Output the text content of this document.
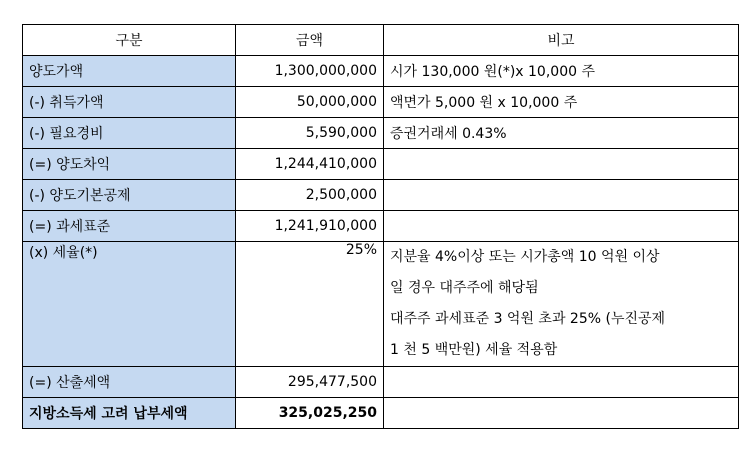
구분	금액	비고
양도가액	1,300,000,000	시가 130,000 원(*)x 10,000 주
(-) 취득가액	50,000,000	액면가 5,000 원 x 10,000 주
(-) 필요경비	5,590,000	증권거래세 0.43%
(=) 양도차익	1,244,410,000	
(-) 양도기본공제	2,500,000	
(=) 과세표준	1,241,910,000	
(x) 세율(*)	25%	지분율 4%이상 또는 시가총액 10 억원 이상
일 경우 대주주에 해당됨
대주주 과세표준 3 억원 초과 25% (누진공제
1 천 5 백만원) 세율 적용함

(=) 산출세액	295,477,500	
지방소득세 고려 납부세액	325,025,250	
